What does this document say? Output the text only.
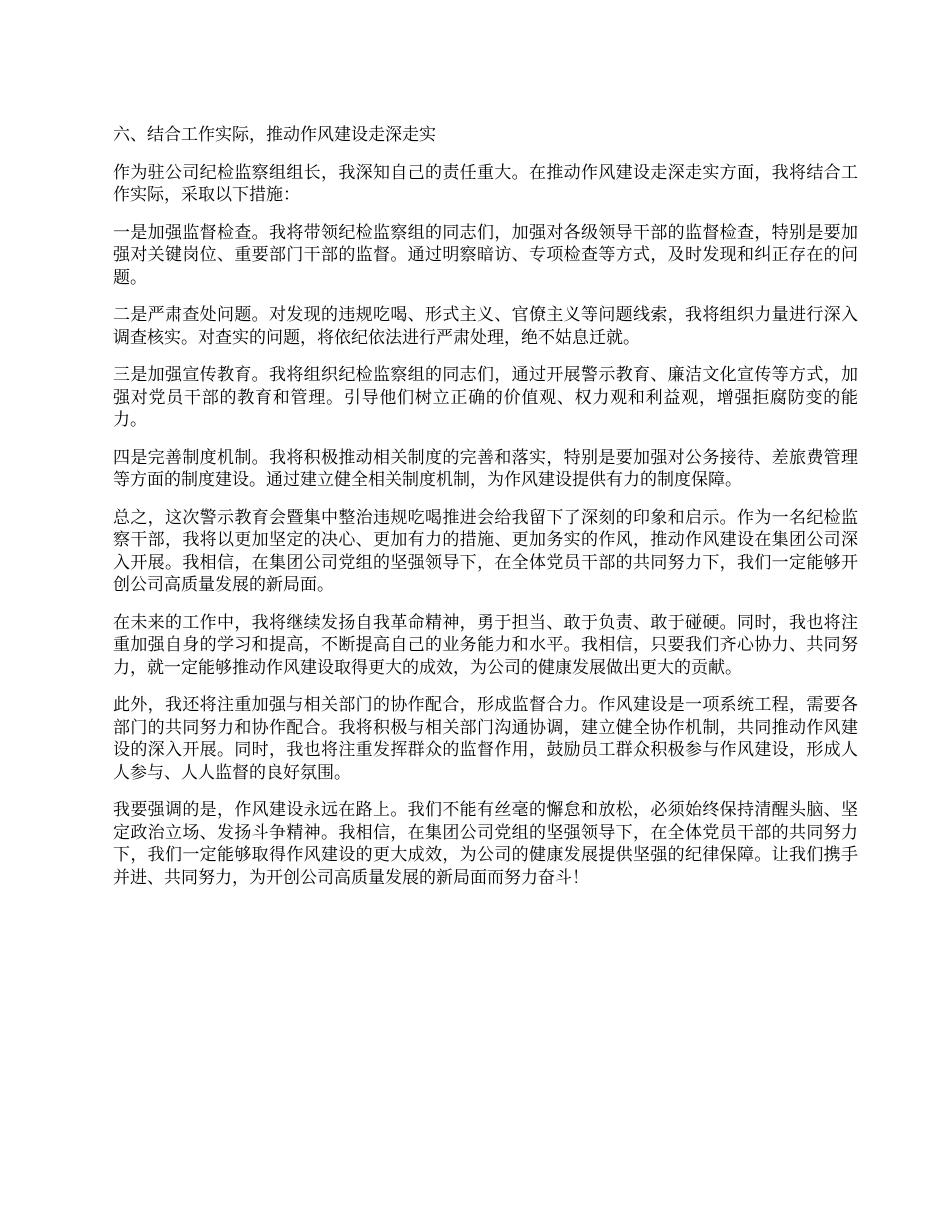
六、结合工作实际，推动作风建设走深走实

作为驻公司纪检监察组组长，我深知自己的责任重大。在推动作风建设走深走实方面，我将结合工作实际，采取以下措施：

一是加强监督检查。我将带领纪检监察组的同志们，加强对各级领导干部的监督检查，特别是要加强对关键岗位、重要部门干部的监督。通过明察暗访、专项检查等方式，及时发现和纠正存在的问题。

二是严肃查处问题。对发现的违规吃喝、形式主义、官僚主义等问题线索，我将组织力量进行深入调查核实。对查实的问题，将依纪依法进行严肃处理，绝不姑息迁就。

三是加强宣传教育。我将组织纪检监察组的同志们，通过开展警示教育、廉洁文化宣传等方式，加强对党员干部的教育和管理。引导他们树立正确的价值观、权力观和利益观，增强拒腐防变的能力。

四是完善制度机制。我将积极推动相关制度的完善和落实，特别是要加强对公务接待、差旅费管理等方面的制度建设。通过建立健全相关制度机制，为作风建设提供有力的制度保障。

总之，这次警示教育会暨集中整治违规吃喝推进会给我留下了深刻的印象和启示。作为一名纪检监察干部，我将以更加坚定的决心、更加有力的措施、更加务实的作风，推动作风建设在集团公司深入开展。我相信，在集团公司党组的坚强领导下，在全体党员干部的共同努力下，我们一定能够开创公司高质量发展的新局面。

在未来的工作中，我将继续发扬自我革命精神，勇于担当、敢于负责、敢于碰硬。同时，我也将注重加强自身的学习和提高，不断提高自己的业务能力和水平。我相信，只要我们齐心协力、共同努力，就一定能够推动作风建设取得更大的成效，为公司的健康发展做出更大的贡献。

此外，我还将注重加强与相关部门的协作配合，形成监督合力。作风建设是一项系统工程，需要各部门的共同努力和协作配合。我将积极与相关部门沟通协调，建立健全协作机制，共同推动作风建设的深入开展。同时，我也将注重发挥群众的监督作用，鼓励员工群众积极参与作风建设，形成人人参与、人人监督的良好氛围。

我要强调的是，作风建设永远在路上。我们不能有丝毫的懈怠和放松，必须始终保持清醒头脑、坚定政治立场、发扬斗争精神。我相信，在集团公司党组的坚强领导下，在全体党员干部的共同努力下，我们一定能够取得作风建设的更大成效，为公司的健康发展提供坚强的纪律保障。让我们携手并进、共同努力，为开创公司高质量发展的新局面而努力奋斗！
